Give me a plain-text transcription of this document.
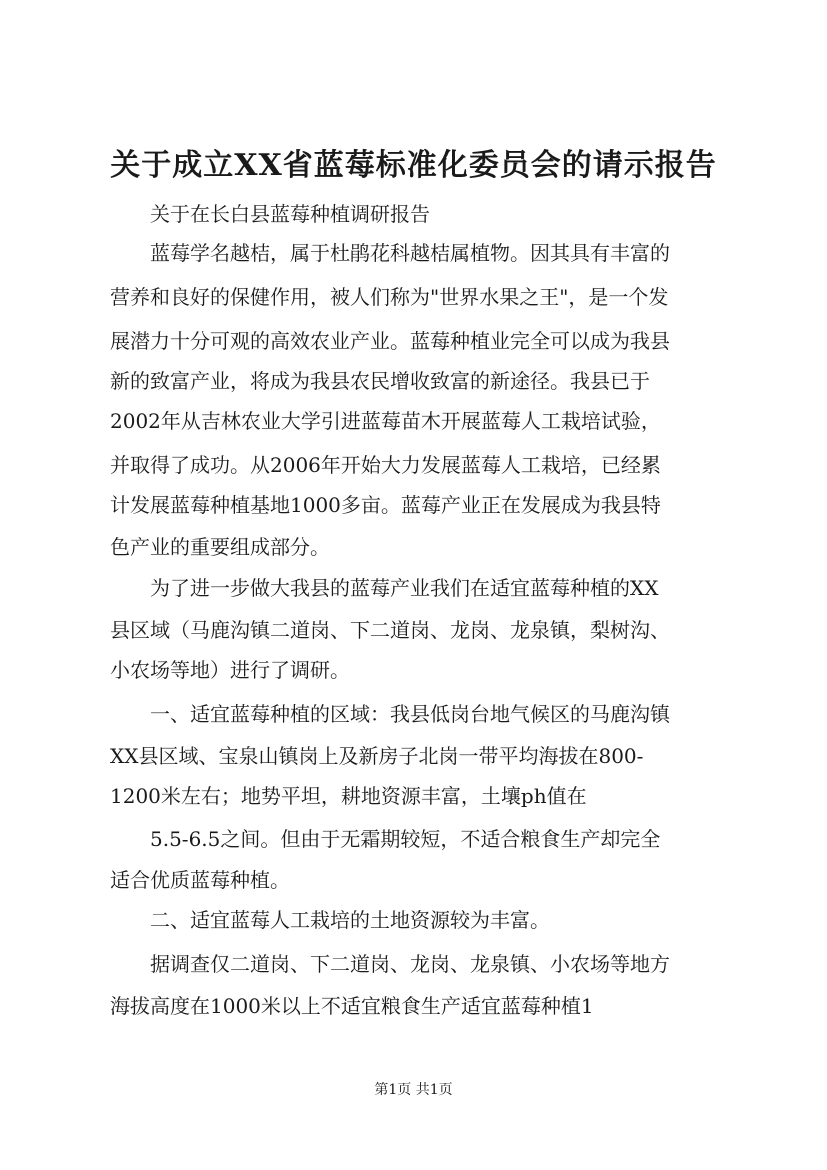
关于成立XX省蓝莓标准化委员会的请示报告

关于在长白县蓝莓种植调研报告

蓝莓学名越桔，属于杜鹃花科越桔属植物。因其具有丰富的

营养和良好的保健作用，被人们称为"世界水果之王"，是一个发

展潜力十分可观的高效农业产业。蓝莓种植业完全可以成为我县

新的致富产业，将成为我县农民增收致富的新途径。我县已于

2002年从吉林农业大学引进蓝莓苗木开展蓝莓人工栽培试验，

并取得了成功。从2006年开始大力发展蓝莓人工栽培，已经累

计发展蓝莓种植基地1000多亩。蓝莓产业正在发展成为我县特

色产业的重要组成部分。

为了进一步做大我县的蓝莓产业我们在适宜蓝莓种植的XX

县区域（马鹿沟镇二道岗、下二道岗、龙岗、龙泉镇，梨树沟、

小农场等地）进行了调研。

一、适宜蓝莓种植的区域：我县低岗台地气候区的马鹿沟镇

XX县区域、宝泉山镇岗上及新房子北岗一带平均海拔在800-

1200米左右；地势平坦，耕地资源丰富，土壤ph值在

5.5-6.5之间。但由于无霜期较短，不适合粮食生产却完全

适合优质蓝莓种植。

二、适宜蓝莓人工栽培的土地资源较为丰富。

据调查仅二道岗、下二道岗、龙岗、龙泉镇、小农场等地方

海拔高度在1000米以上不适宜粮食生产适宜蓝莓种植1

第1页 共1页
